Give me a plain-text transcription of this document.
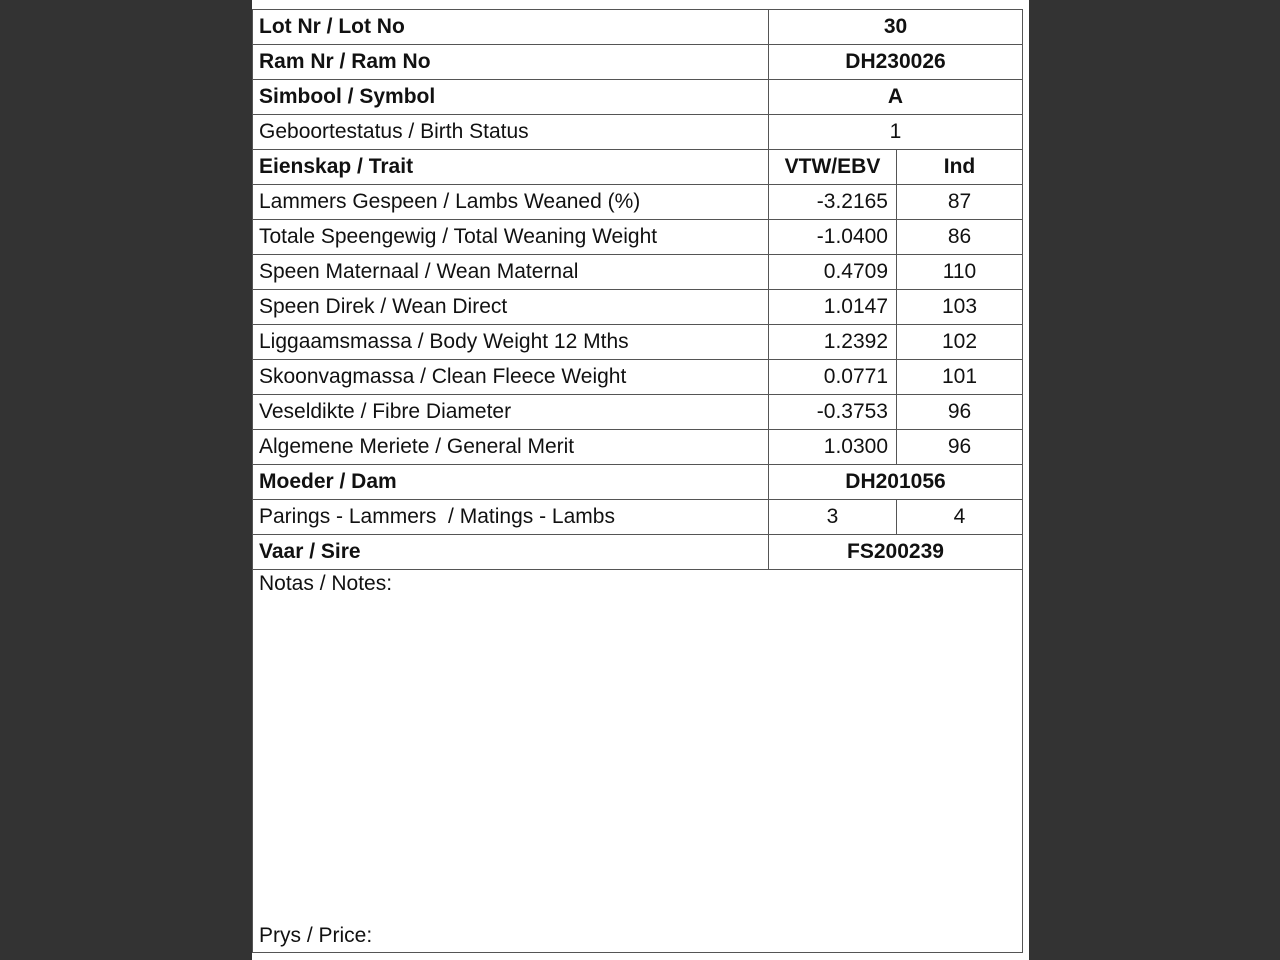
Lot Nr / Lot No	30
Ram Nr / Ram No	DH230026
Simbool / Symbol	A
Geboortestatus / Birth Status	1
Eienskap / Trait	VTW/EBV	Ind
Lammers Gespeen / Lambs Weaned (%)	-3.2165	87
Totale Speengewig / Total Weaning Weight	-1.0400	86
Speen Maternaal / Wean Maternal	0.4709	110
Speen Direk / Wean Direct	1.0147	103
Liggaamsmassa / Body Weight 12 Mths	1.2392	102
Skoonvagmassa / Clean Fleece Weight	0.0771	101
Veseldikte / Fibre Diameter	-0.3753	96
Algemene Meriete / General Merit	1.0300	96
Moeder / Dam	DH201056
Parings - Lammers  / Matings - Lambs	3	4
Vaar / Sire	FS200239
Notas / Notes:
Prys / Price:
